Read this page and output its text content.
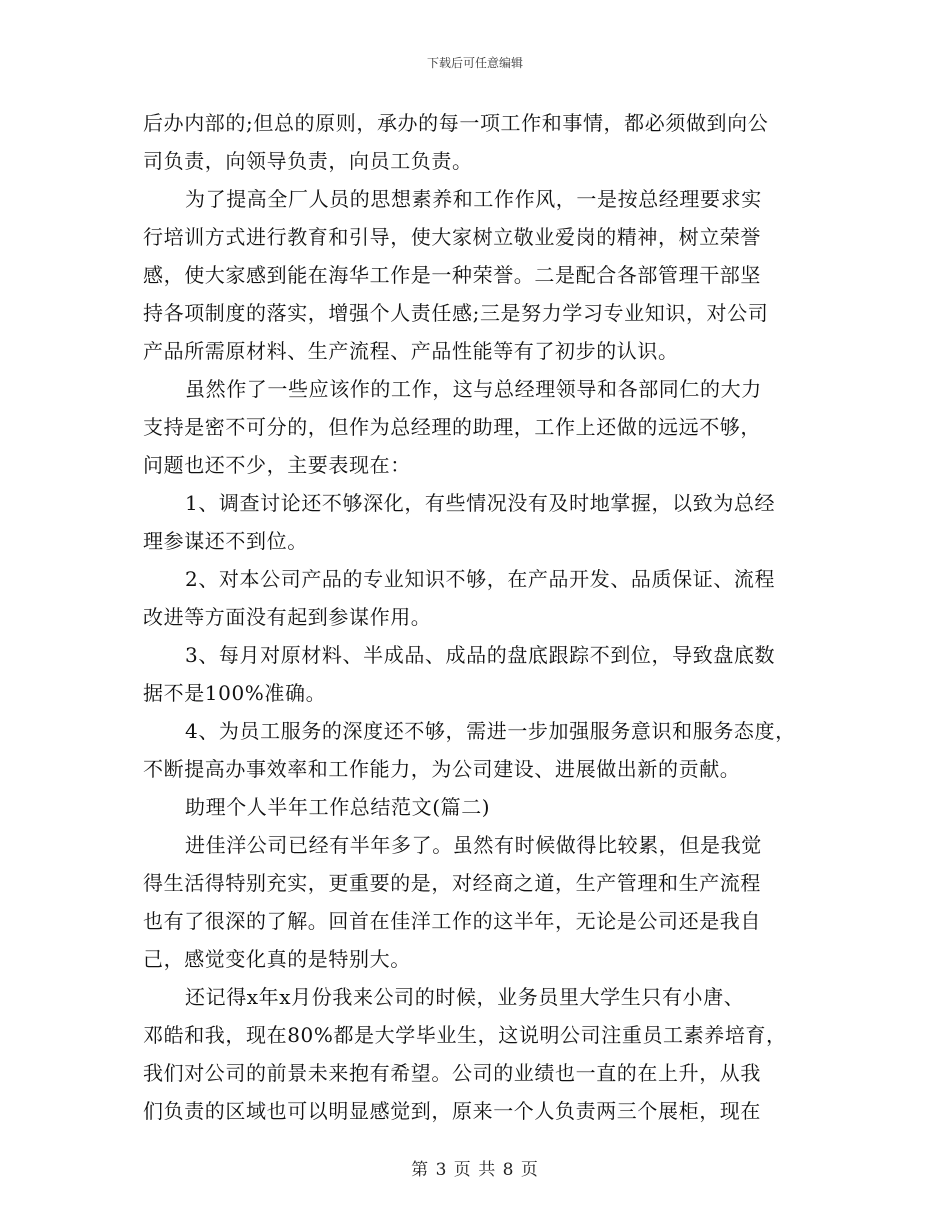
下载后可任意编辑
后办内部的;但总的原则，承办的每一项工作和事情，都必须做到向公
司负责，向领导负责，向员工负责。
为了提高全厂人员的思想素养和工作作风，一是按总经理要求实
行培训方式进行教育和引导，使大家树立敬业爱岗的精神，树立荣誉
感，使大家感到能在海华工作是一种荣誉。二是配合各部管理干部坚
持各项制度的落实，增强个人责任感;三是努力学习专业知识，对公司
产品所需原材料、生产流程、产品性能等有了初步的认识。
虽然作了一些应该作的工作，这与总经理领导和各部同仁的大力
支持是密不可分的，但作为总经理的助理，工作上还做的远远不够，
问题也还不少，主要表现在：
1、调查讨论还不够深化，有些情况没有及时地掌握，以致为总经
理参谋还不到位。
2、对本公司产品的专业知识不够，在产品开发、品质保证、流程
改进等方面没有起到参谋作用。
3、每月对原材料、半成品、成品的盘底跟踪不到位，导致盘底数
据不是100%准确。
4、为员工服务的深度还不够，需进一步加强服务意识和服务态度，
不断提高办事效率和工作能力，为公司建设、进展做出新的贡献。
助理个人半年工作总结范文(篇二)
进佳洋公司已经有半年多了。虽然有时候做得比较累，但是我觉
得生活得特别充实，更重要的是，对经商之道，生产管理和生产流程
也有了很深的了解。回首在佳洋工作的这半年，无论是公司还是我自
己，感觉变化真的是特别大。
还记得x年x月份我来公司的时候，业务员里大学生只有小唐、
邓皓和我，现在80%都是大学毕业生，这说明公司注重员工素养培育，
我们对公司的前景未来抱有希望。公司的业绩也一直的在上升，从我
们负责的区域也可以明显感觉到，原来一个人负责两三个展柜，现在
第 3 页 共 8 页
